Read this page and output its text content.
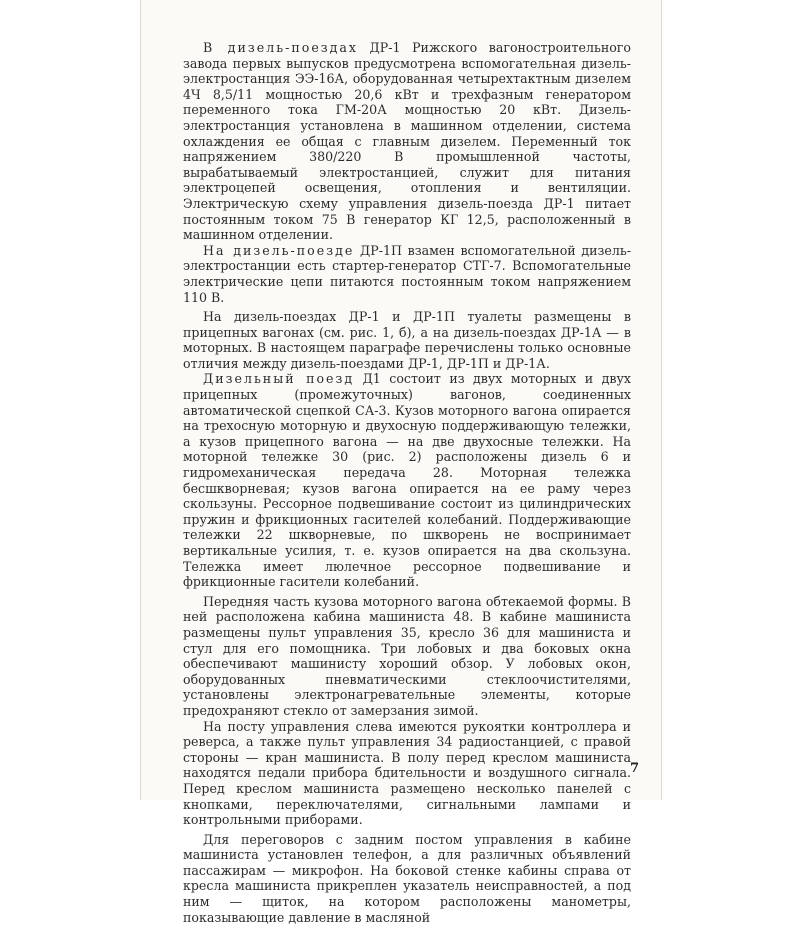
В дизель-поездах ДР-1 Рижского вагоностроительного завода первых выпусков предусмотрена вспомогательная дизель-электростанция ЭЭ-16А, оборудованная четырехтактным дизелем 4Ч 8,5/11 мощностью 20,6 кВт и трехфазным генератором переменного тока ГМ-20А мощностью 20 кВт. Дизель-электростанция установлена в машинном отделении, система охлаждения ее общая с главным дизелем. Переменный ток напряжением 380/220 В промышленной частоты, вырабатываемый электростанцией, служит для питания электроцепей освещения, отопления и вентиляции. Электрическую схему управления дизель-поезда ДР-1 питает постоянным током 75 В генератор КГ 12,5, расположенный в машинном отделении.

На дизель-поезде ДР-1П взамен вспомогательной дизель-электростанции есть стартер-генератор СТГ-7. Вспомогательные электрические цепи питаются постоянным током напряжением 110 В.

На дизель-поездах ДР-1 и ДР-1П туалеты размещены в прицепных вагонах (см. рис. 1, б), а на дизель-поездах ДР-1А — в моторных. В настоящем параграфе перечислены только основные отличия между дизель-поездами ДР-1, ДР-1П и ДР-1А.

Дизельный поезд Д1 состоит из двух моторных и двух прицепных (промежуточных) вагонов, соединенных автоматической сцепкой СА-3. Кузов моторного вагона опирается на трехосную моторную и двухосную поддерживающую тележки, а кузов прицепного вагона — на две двухосные тележки. На моторной тележке 30 (рис. 2) расположены дизель 6 и гидромеханическая передача 28. Моторная тележка бесшкворневая; кузов вагона опирается на ее раму через скользуны. Рессорное подвешивание состоит из цилиндрических пружин и фрикционных гасителей колебаний. Поддерживающие тележки 22 шкворневые, по шкворень не воспринимает вертикальные усилия, т. е. кузов опирается на два скользуна. Тележка имеет люлечное рессорное подвешивание и фрикционные гасители колебаний.

Передняя часть кузова моторного вагона обтекаемой формы. В ней расположена кабина машиниста 48. В кабине машиниста размещены пульт управления 35, кресло 36 для машиниста и стул для его помощника. Три лобовых и два боковых окна обеспечивают машинисту хороший обзор. У лобовых окон, оборудованных пневматическими стеклоочистителями, установлены электронагревательные элементы, которые предохраняют стекло от замерзания зимой.

На посту управления слева имеются рукоятки контроллера и реверса, а также пульт управления 34 радиостанцией, с правой стороны — кран машиниста. В полу перед креслом машиниста находятся педали прибора бдительности и воздушного сигнала. Перед креслом машиниста размещено несколько панелей с кнопками, переключателями, сигнальными лампами и контрольными приборами.

Для переговоров с задним постом управления в кабине машиниста установлен телефон, а для различных объявлений пассажирам — микрофон. На боковой стенке кабины справа от кресла машиниста прикреплен указатель неисправностей, а под ним — щиток, на котором расположены манометры, показывающие давление в масляной

7
